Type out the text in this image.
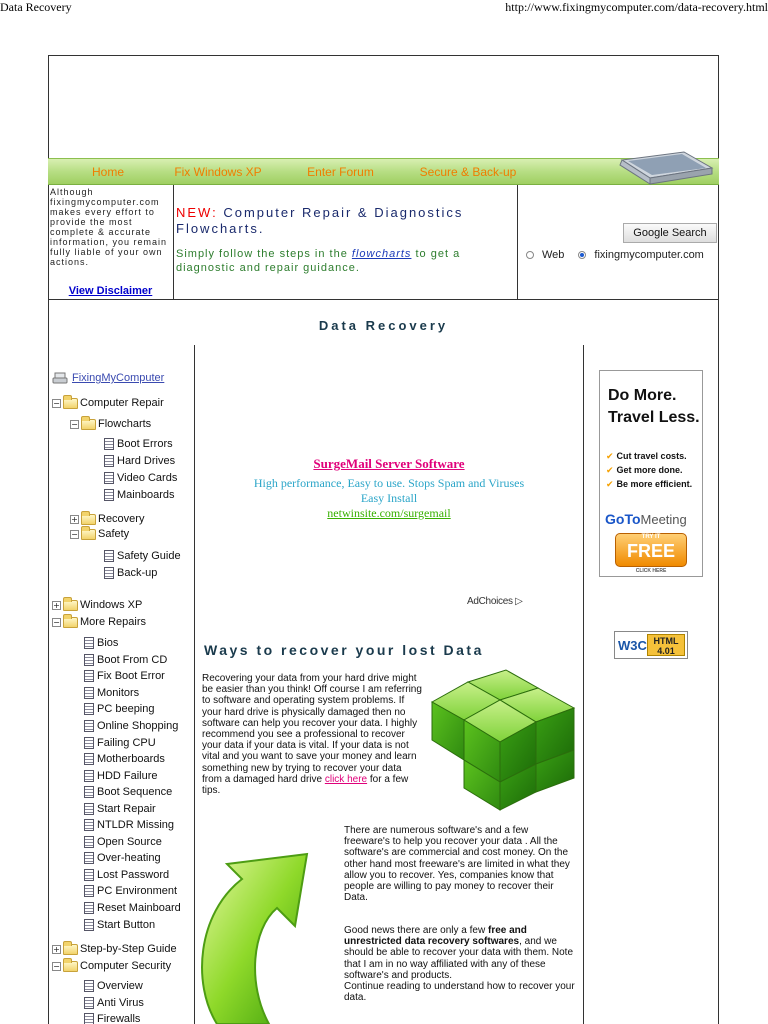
Data Recovery	http://www.fixingmycomputer.com/data-recovery.html
Home	Fix Windows XP	Enter Forum	Secure & Back-up
Although fixingmycomputer.com makes every effort to provide the most complete & accurate information, you remain fully liable of your own actions.
View Disclaimer
NEW: Computer Repair & Diagnostics Flowcharts.
Simply follow the steps in the flowcharts to get a diagnostic and repair guidance.
Google Search
Web	fixingmycomputer.com
Data Recovery
FixingMyComputer
− Computer Repair
− Flowcharts
Boot Errors
Hard Drives
Video Cards
Mainboards
+ Recovery
− Safety
Safety Guide
Back-up
+ Windows XP
− More Repairs
Bios
Boot From CD
Fix Boot Error
Monitors
PC beeping
Online Shopping
Failing CPU
Motherboards
HDD Failure
Boot Sequence
Start Repair
NTLDR Missing
Open Source
Over-heating
Lost Password
PC Environment
Reset Mainboard
Start Button
+ Step-by-Step Guide
− Computer Security
Overview
Anti Virus
Firewalls
SurgeMail Server Software
High performance, Easy to use. Stops Spam and Viruses Easy Install
netwinsite.com/surgemail
AdChoices ▷
Ways to recover your lost Data
Recovering your data from your hard drive might be easier than you think! Off course I am referring to software and operating system problems. If your hard drive is physically damaged then no software can help you recover your data. I highly recommend you see a professional to recover your data if your data is vital. If your data is not vital and you want to save your money and learn something new by trying to recover your data from a damaged hard drive click here for a few tips.
There are numerous software's and a few freeware's to help you recover your data . All the software's are commercial and cost money. On the other hand most freeware's are limited in what they allow you to recover. Yes, companies know that people are willing to pay money to recover their Data.
Good news there are only a few free and unrestricted data recovery softwares, and we should be able to recover your data with them. Note that I am in no way affiliated with any of these software's and products.
Continue reading to understand how to recover your data.
Do More.
Travel Less.
✔ Cut travel costs.
✔ Get more done.
✔ Be more efficient.
GoToMeeting
TRY IT
FREE
CLICK HERE
W3C HTML 4.01
